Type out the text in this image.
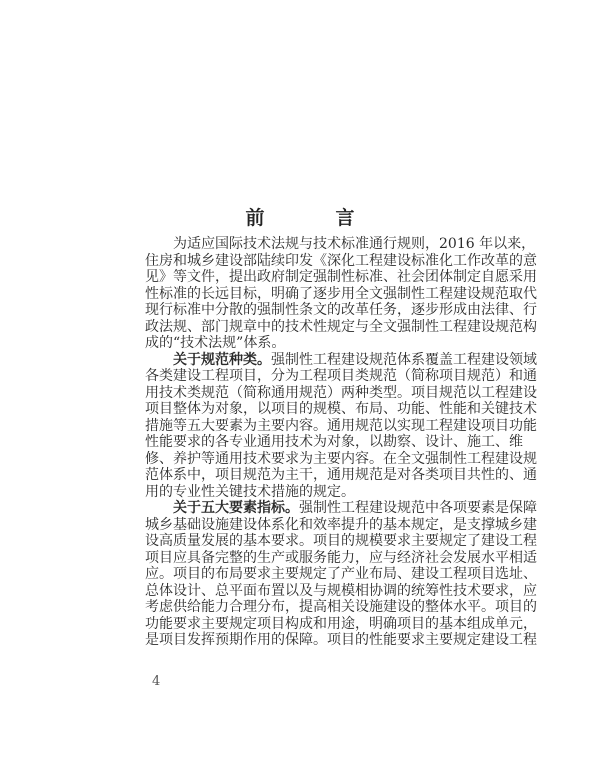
前　言
为适应国际技术法规与技术标准通行规则，2016 年以来，
住房和城乡建设部陆续印发《深化工程建设标准化工作改革的意
见》等文件，提出政府制定强制性标准、社会团体制定自愿采用
性标准的长远目标，明确了逐步用全文强制性工程建设规范取代
现行标准中分散的强制性条文的改革任务，逐步形成由法律、行
政法规、部门规章中的技术性规定与全文强制性工程建设规范构
成的“技术法规”体系。
关于规范种类。强制性工程建设规范体系覆盖工程建设领域
各类建设工程项目，分为工程项目类规范（简称项目规范）和通
用技术类规范（简称通用规范）两种类型。项目规范以工程建设
项目整体为对象，以项目的规模、布局、功能、性能和关键技术
措施等五大要素为主要内容。通用规范以实现工程建设项目功能
性能要求的各专业通用技术为对象，以勘察、设计、施工、维
修、养护等通用技术要求为主要内容。在全文强制性工程建设规
范体系中，项目规范为主干，通用规范是对各类项目共性的、通
用的专业性关键技术措施的规定。
关于五大要素指标。强制性工程建设规范中各项要素是保障
城乡基础设施建设体系化和效率提升的基本规定，是支撑城乡建
设高质量发展的基本要求。项目的规模要求主要规定了建设工程
项目应具备完整的生产或服务能力，应与经济社会发展水平相适
应。项目的布局要求主要规定了产业布局、建设工程项目选址、
总体设计、总平面布置以及与规模相协调的统筹性技术要求，应
考虑供给能力合理分布，提高相关设施建设的整体水平。项目的
功能要求主要规定项目构成和用途，明确项目的基本组成单元，
是项目发挥预期作用的保障。项目的性能要求主要规定建设工程
4
